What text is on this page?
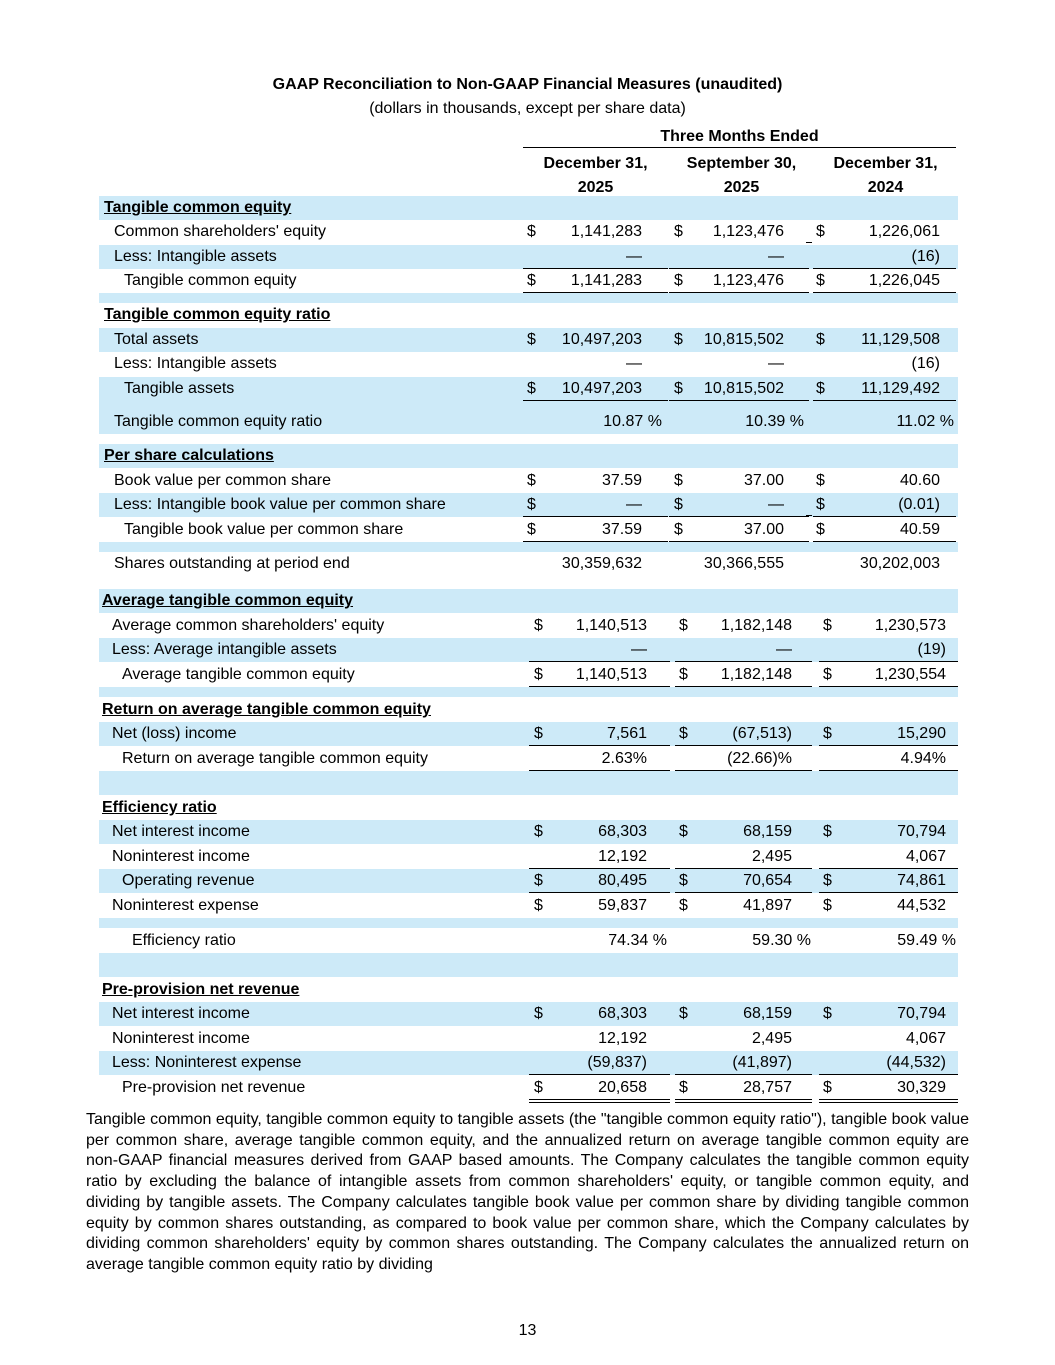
GAAP Reconciliation to Non-GAAP Financial Measures (unaudited)
(dollars in thousands, except per share data)
Three Months Ended
December 31,
2025
September 30,
2025
December 31,
2024
Tangible common equity
Common shareholders' equity	$ 1,141,283 $ 1,123,476 $	1,226,061
Less: Intangible assets	—	—	(16)
Tangible common equity	$ 1,141,283 $ 1,123,476 $	1,226,045
Tangible common equity ratio
Total assets	$ 10,497,203 $ 10,815,502 $ 11,129,508
Less: Intangible assets	—	—	(16)
Tangible assets	$ 10,497,203 $ 10,815,502 $ 11,129,492
Tangible common equity ratio	10.87 %	10.39 %	11.02 %
Per share calculations
Book value per common share	$	37.59 $	37.00 $	40.60
Less: Intangible book value per common share	$	— $	— $	(0.01)
Tangible book value per common share	$	37.59 $	37.00 $	40.59
Shares outstanding at period end	30,359,632	30,366,555	30,202,003
Average tangible common equity
Average common shareholders' equity	$ 1,140,513 $ 1,182,148 $	1,230,573
Less: Average intangible assets	—	—	(19)
Average tangible common equity	$ 1,140,513 $ 1,182,148 $	1,230,554
Return on average tangible common equity
Net (loss) income	$	7,561 $	(67,513) $	15,290
Return on average tangible common equity	2.63%	(22.66)%	4.94%
Efficiency ratio
Net interest income	$	68,303 $	68,159 $	70,794
Noninterest income	12,192	2,495	4,067
Operating revenue	$	80,495 $	70,654 $	74,861
Noninterest expense	$	59,837 $	41,897 $	44,532
Efficiency ratio	74.34 %	59.30 %	59.49 %
Pre-provision net revenue
Net interest income	$	68,303 $	68,159 $	70,794
Noninterest income	12,192	2,495	4,067
Less: Noninterest expense	(59,837)	(41,897)	(44,532)
Pre-provision net revenue	$	20,658 $	28,757 $	30,329
Tangible common equity, tangible common equity to tangible assets (the "tangible common equity ratio"), tangible book value per common share, average tangible common equity, and the annualized return on average tangible common equity are non-GAAP financial measures derived from GAAP based amounts. The Company calculates the tangible common equity ratio by excluding the balance of intangible assets from common shareholders' equity, or tangible common equity, and dividing by tangible assets. The Company calculates tangible book value per common share by dividing tangible common equity by common shares outstanding, as compared to book value per common share, which the Company calculates by dividing common shareholders' equity by common shares outstanding. The Company calculates the annualized return on average tangible common equity ratio by dividing
13
